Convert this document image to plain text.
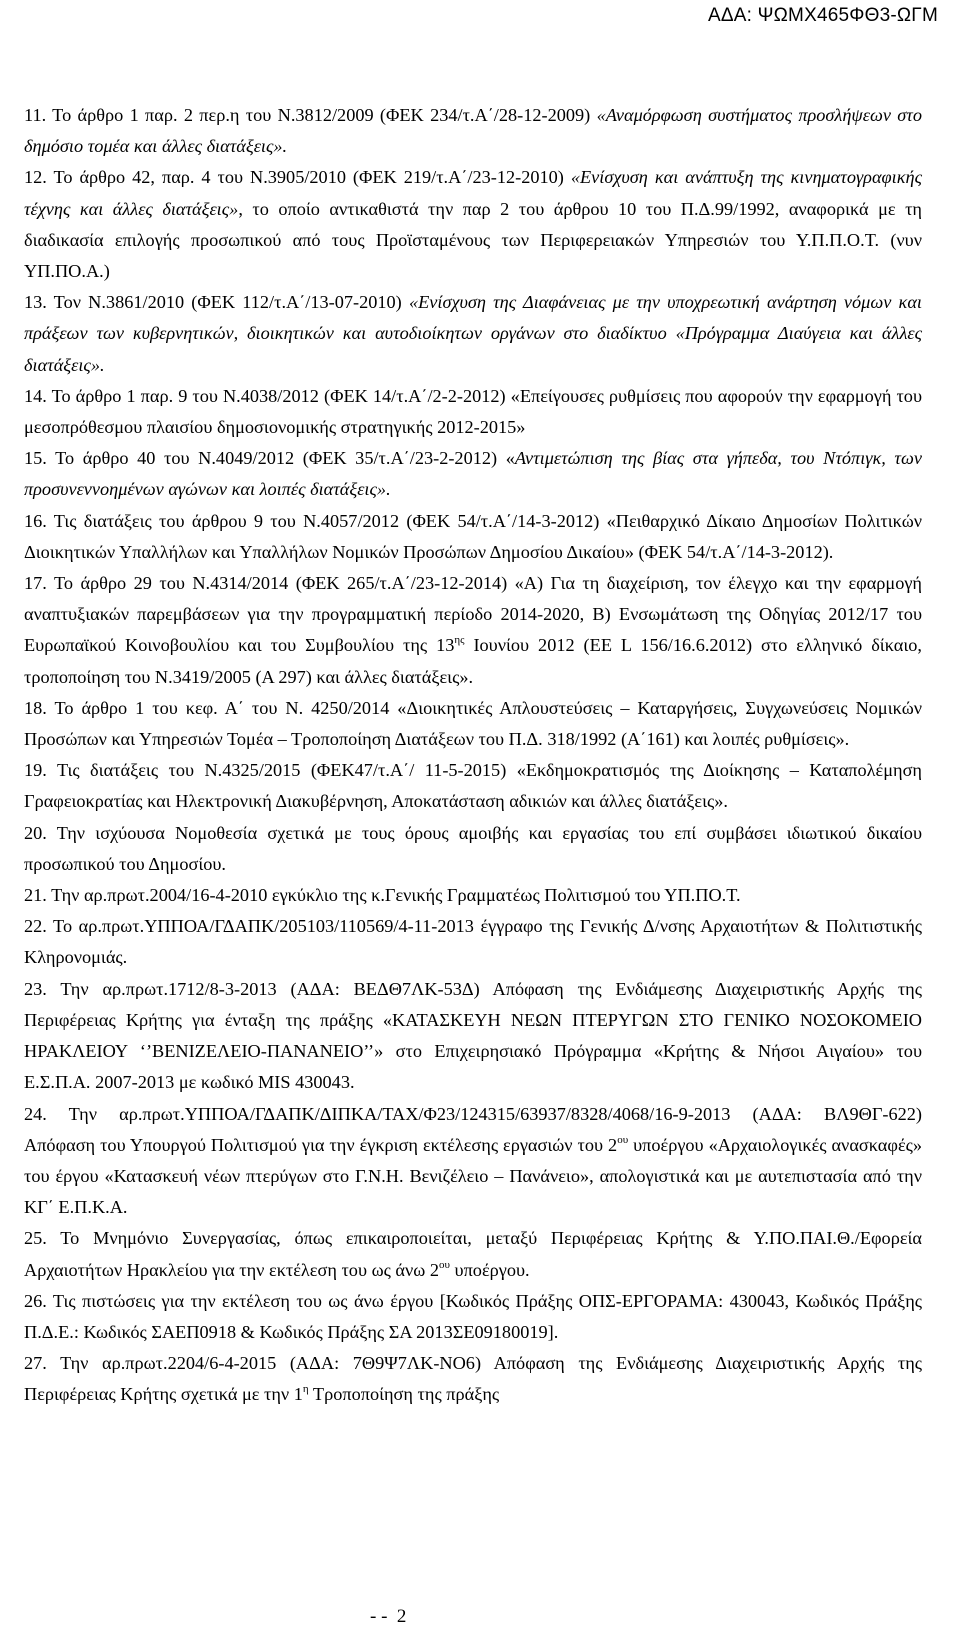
ΑΔΑ: ΨΩΜΧ465ΦΘ3-ΩΓΜ

11. Το άρθρο 1 παρ. 2 περ.η του Ν.3812/2009 (ΦΕΚ 234/τ.Α΄/28-12-2009) «Αναμόρφωση συστήματος προσλήψεων στο δημόσιο τομέα και άλλες διατάξεις».

12. Το άρθρο 42, παρ. 4 του Ν.3905/2010 (ΦΕΚ 219/τ.Α΄/23-12-2010) «Ενίσχυση και ανάπτυξη της κινηματογραφικής τέχνης και άλλες διατάξεις», το οποίο αντικαθιστά την παρ 2 του άρθρου 10 του Π.Δ.99/1992, αναφορικά με τη διαδικασία επιλογής προσωπικού από τους Προϊσταμένους των Περιφερειακών Υπηρεσιών του Υ.Π.Π.Ο.Τ. (νυν ΥΠ.ΠΟ.Α.)

13. Τον Ν.3861/2010 (ΦΕΚ 112/τ.Α΄/13-07-2010) «Ενίσχυση της Διαφάνειας με την υποχρεωτική ανάρτηση νόμων και πράξεων των κυβερνητικών, διοικητικών και αυτοδιοίκητων οργάνων στο διαδίκτυο «Πρόγραμμα Διαύγεια και άλλες διατάξεις».

14. Το άρθρο 1 παρ. 9 του Ν.4038/2012 (ΦΕΚ 14/τ.Α΄/2-2-2012) «Επείγουσες ρυθμίσεις που αφορούν την εφαρμογή του μεσοπρόθεσμου πλαισίου δημοσιονομικής στρατηγικής 2012-2015»

15. Το άρθρο 40 του Ν.4049/2012 (ΦΕΚ 35/τ.Α΄/23-2-2012) «Αντιμετώπιση της βίας στα γήπεδα, του Ντόπιγκ, των προσυνεννοημένων αγώνων και λοιπές διατάξεις».

16. Τις διατάξεις του άρθρου 9 του Ν.4057/2012 (ΦΕΚ 54/τ.Α΄/14-3-2012) «Πειθαρχικό Δίκαιο Δημοσίων Πολιτικών Διοικητικών Υπαλλήλων και Υπαλλήλων Νομικών Προσώπων Δημοσίου Δικαίου» (ΦΕΚ 54/τ.Α΄/14-3-2012).

17. Το άρθρο 29 του Ν.4314/2014 (ΦΕΚ 265/τ.Α΄/23-12-2014) «Α) Για τη διαχείριση, τον έλεγχο και την εφαρμογή αναπτυξιακών παρεμβάσεων για την προγραμματική περίοδο 2014-2020, Β) Ενσωμάτωση της Οδηγίας 2012/17 του Ευρωπαϊκού Κοινοβουλίου και του Συμβουλίου της $13^{\eta\varsigma}$ Ιουνίου 2012 (ΕΕ L 156/16.6.2012) στο ελληνικό δίκαιο, τροποποίηση του Ν.3419/2005 (Α 297) και άλλες διατάξεις».

18. Το άρθρο 1 του κεφ. Α΄ του Ν. 4250/2014 «Διοικητικές Απλουστεύσεις – Καταργήσεις, Συγχωνεύσεις Νομικών Προσώπων και Υπηρεσιών Τομέα – Τροποποίηση Διατάξεων του Π.Δ. 318/1992 (Α΄161) και λοιπές ρυθμίσεις».

19. Τις διατάξεις του Ν.4325/2015 (ΦΕΚ47/τ.Α΄/ 11-5-2015) «Εκδημοκρατισμός της Διοίκησης – Καταπολέμηση Γραφειοκρατίας και Ηλεκτρονική Διακυβέρνηση, Αποκατάσταση αδικιών και άλλες διατάξεις».

20. Την ισχύουσα Νομοθεσία σχετικά με τους όρους αμοιβής και εργασίας του επί συμβάσει ιδιωτικού δικαίου προσωπικού του Δημοσίου.

21. Την αρ.πρωτ.2004/16-4-2010 εγκύκλιο της κ.Γενικής Γραμματέως Πολιτισμού του ΥΠ.ΠΟ.Τ.

22. Το αρ.πρωτ.ΥΠΠΟΑ/ΓΔΑΠΚ/205103/110569/4-11-2013 έγγραφο της Γενικής Δ/νσης Αρχαιοτήτων & Πολιτιστικής Κληρονομιάς.

23. Την αρ.πρωτ.1712/8-3-2013 (ΑΔΑ: ΒΕΔΘ7ΛΚ-53Δ) Απόφαση της Ενδιάμεσης Διαχειριστικής Αρχής της Περιφέρειας Κρήτης για ένταξη της πράξης «ΚΑΤΑΣΚΕΥΗ ΝΕΩΝ ΠΤΕΡΥΓΩΝ ΣΤΟ ΓΕΝΙΚΟ ΝΟΣΟΚΟΜΕΙΟ ΗΡΑΚΛΕΙΟΥ ‘’ΒΕΝΙΖΕΛΕΙΟ-ΠΑΝΑΝΕΙΟ’’» στο Επιχειρησιακό Πρόγραμμα «Κρήτης & Νήσοι Αιγαίου» του Ε.Σ.Π.Α. 2007-2013 με κωδικό MIS 430043.

24. Την αρ.πρωτ.ΥΠΠΟΑ/ΓΔΑΠΚ/ΔΙΠΚΑ/ΤΑΧ/Φ23/124315/63937/8328/4068/16-9-2013 (ΑΔΑ: ΒΛ9ΘΓ-622) Απόφαση του Υπουργού Πολιτισμού για την έγκριση εκτέλεσης εργασιών του $2^{o\upsilon}$ υποέργου «Αρχαιολογικές ανασκαφές» του έργου «Κατασκευή νέων πτερύγων στο Γ.Ν.Η. Βενιζέλειο – Πανάνειο», απολογιστικά και με αυτεπιστασία από την ΚΓ΄ Ε.Π.Κ.Α.

25. Το Μνημόνιο Συνεργασίας, όπως επικαιροποιείται, μεταξύ Περιφέρειας Κρήτης & Υ.ΠΟ.ΠΑΙ.Θ./Εφορεία Αρχαιοτήτων Ηρακλείου για την εκτέλεση του ως άνω $2^{o\upsilon}$ υποέργου.

26. Τις πιστώσεις για την εκτέλεση του ως άνω έργου [Κωδικός Πράξης ΟΠΣ-ΕΡΓΟΡΑΜΑ: 430043, Κωδικός Πράξης Π.Δ.Ε.: Κωδικός ΣΑΕΠ0918 & Κωδικός Πράξης ΣΑ 2013ΣΕ09180019].

27. Την αρ.πρωτ.2204/6-4-2015 (ΑΔΑ: 7Θ9Ψ7ΛΚ-ΝΟ6) Απόφαση της Ενδιάμεσης Διαχειριστικής Αρχής της Περιφέρειας Κρήτης σχετικά με την $1^\eta$ Τροποποίηση της πράξης

- -  2
